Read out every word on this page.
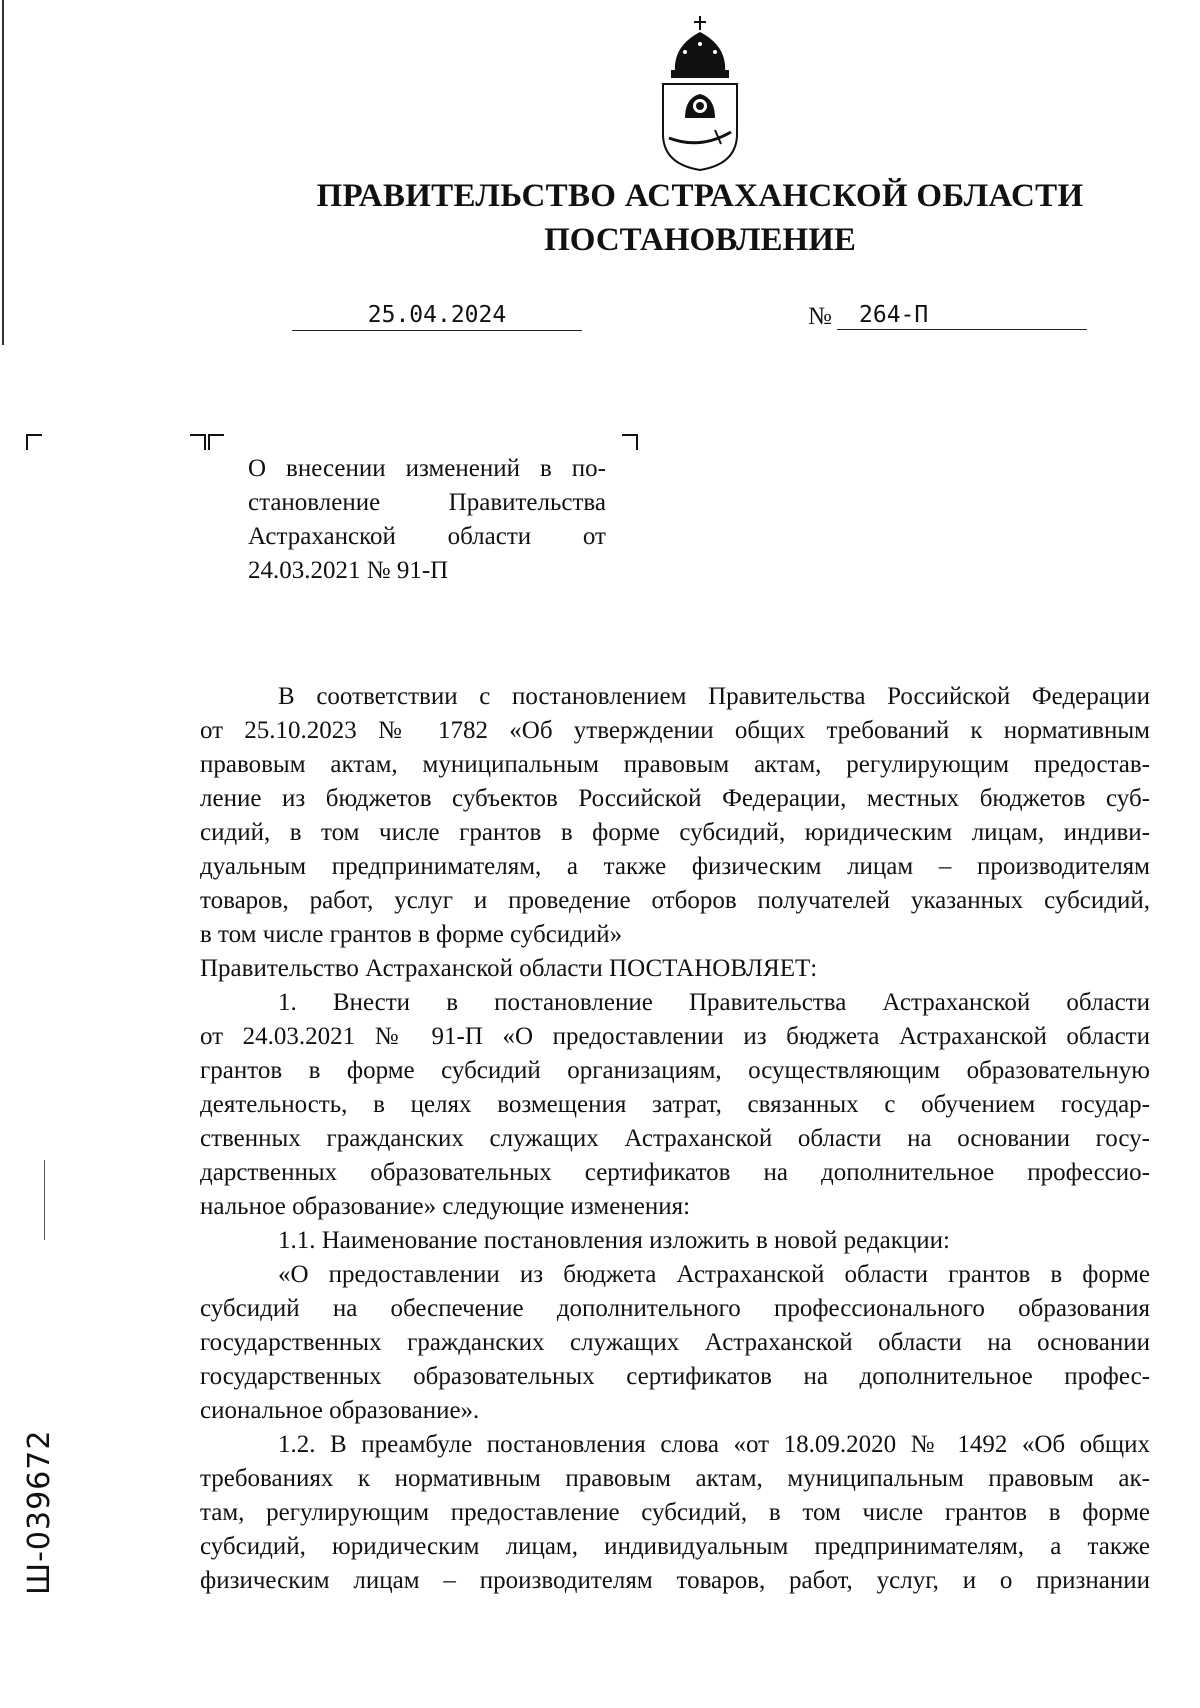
ПРАВИТЕЛЬСТВО АСТРАХАНСКОЙ ОБЛАСТИ
ПОСТАНОВЛЕНИЕ
25.04.2024	№	264-П
О внесении изменений в по-
становление Правительства
Астраханской области от
24.03.2021 № 91-П
В соответствии с постановлением Правительства Российской Федерации
от 25.10.2023 № 1782 «Об утверждении общих требований к нормативным
правовым актам, муниципальным правовым актам, регулирующим предостав-
ление из бюджетов субъектов Российской Федерации, местных бюджетов суб-
сидий, в том числе грантов в форме субсидий, юридическим лицам, индиви-
дуальным предпринимателям, а также физическим лицам – производителям
товаров, работ, услуг и проведение отборов получателей указанных субсидий,
в том числе грантов в форме субсидий»
Правительство Астраханской области ПОСТАНОВЛЯЕТ:
1. Внести в постановление Правительства Астраханской области
от 24.03.2021 № 91-П «О предоставлении из бюджета Астраханской области
грантов в форме субсидий организациям, осуществляющим образовательную
деятельность, в целях возмещения затрат, связанных с обучением государ-
ственных гражданских служащих Астраханской области на основании госу-
дарственных образовательных сертификатов на дополнительное профессио-
нальное образование» следующие изменения:
1.1. Наименование постановления изложить в новой редакции:
«О предоставлении из бюджета Астраханской области грантов в форме
субсидий на обеспечение дополнительного профессионального образования
государственных гражданских служащих Астраханской области на основании
государственных образовательных сертификатов на дополнительное профес-
сиональное образование».
1.2. В преамбуле постановления слова «от 18.09.2020 № 1492 «Об общих
требованиях к нормативным правовым актам, муниципальным правовым ак-
там, регулирующим предоставление субсидий, в том числе грантов в форме
субсидий, юридическим лицам, индивидуальным предпринимателям, а также
физическим лицам – производителям товаров, работ, услуг, и о признании
Ш-039672
